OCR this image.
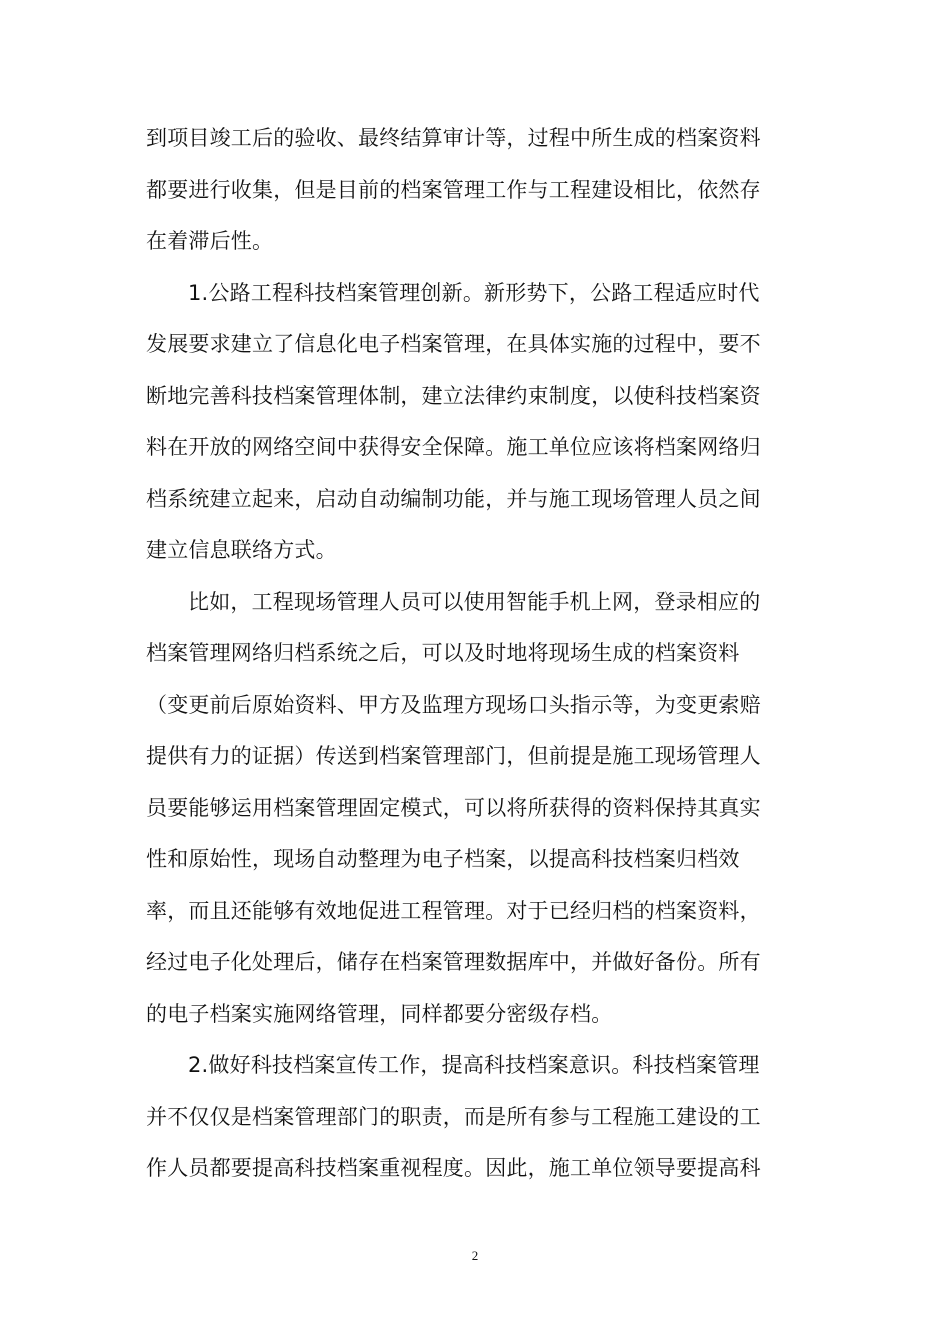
到项目竣工后的验收、最终结算审计等，过程中所生成的档案资料
都要进行收集，但是目前的档案管理工作与工程建设相比，依然存
在着滞后性。
1.公路工程科技档案管理创新。新形势下，公路工程适应时代
发展要求建立了信息化电子档案管理，在具体实施的过程中，要不
断地完善科技档案管理体制，建立法律约束制度，以使科技档案资
料在开放的网络空间中获得安全保障。施工单位应该将档案网络归
档系统建立起来，启动自动编制功能，并与施工现场管理人员之间
建立信息联络方式。
比如，工程现场管理人员可以使用智能手机上网，登录相应的
档案管理网络归档系统之后，可以及时地将现场生成的档案资料
（变更前后原始资料、甲方及监理方现场口头指示等，为变更索赔
提供有力的证据）传送到档案管理部门，但前提是施工现场管理人
员要能够运用档案管理固定模式，可以将所获得的资料保持其真实
性和原始性，现场自动整理为电子档案，以提高科技档案归档效
率，而且还能够有效地促进工程管理。对于已经归档的档案资料，
经过电子化处理后，储存在档案管理数据库中，并做好备份。所有
的电子档案实施网络管理，同样都要分密级存档。
2.做好科技档案宣传工作，提高科技档案意识。科技档案管理
并不仅仅是档案管理部门的职责，而是所有参与工程施工建设的工
作人员都要提高科技档案重视程度。因此，施工单位领导要提高科
2
